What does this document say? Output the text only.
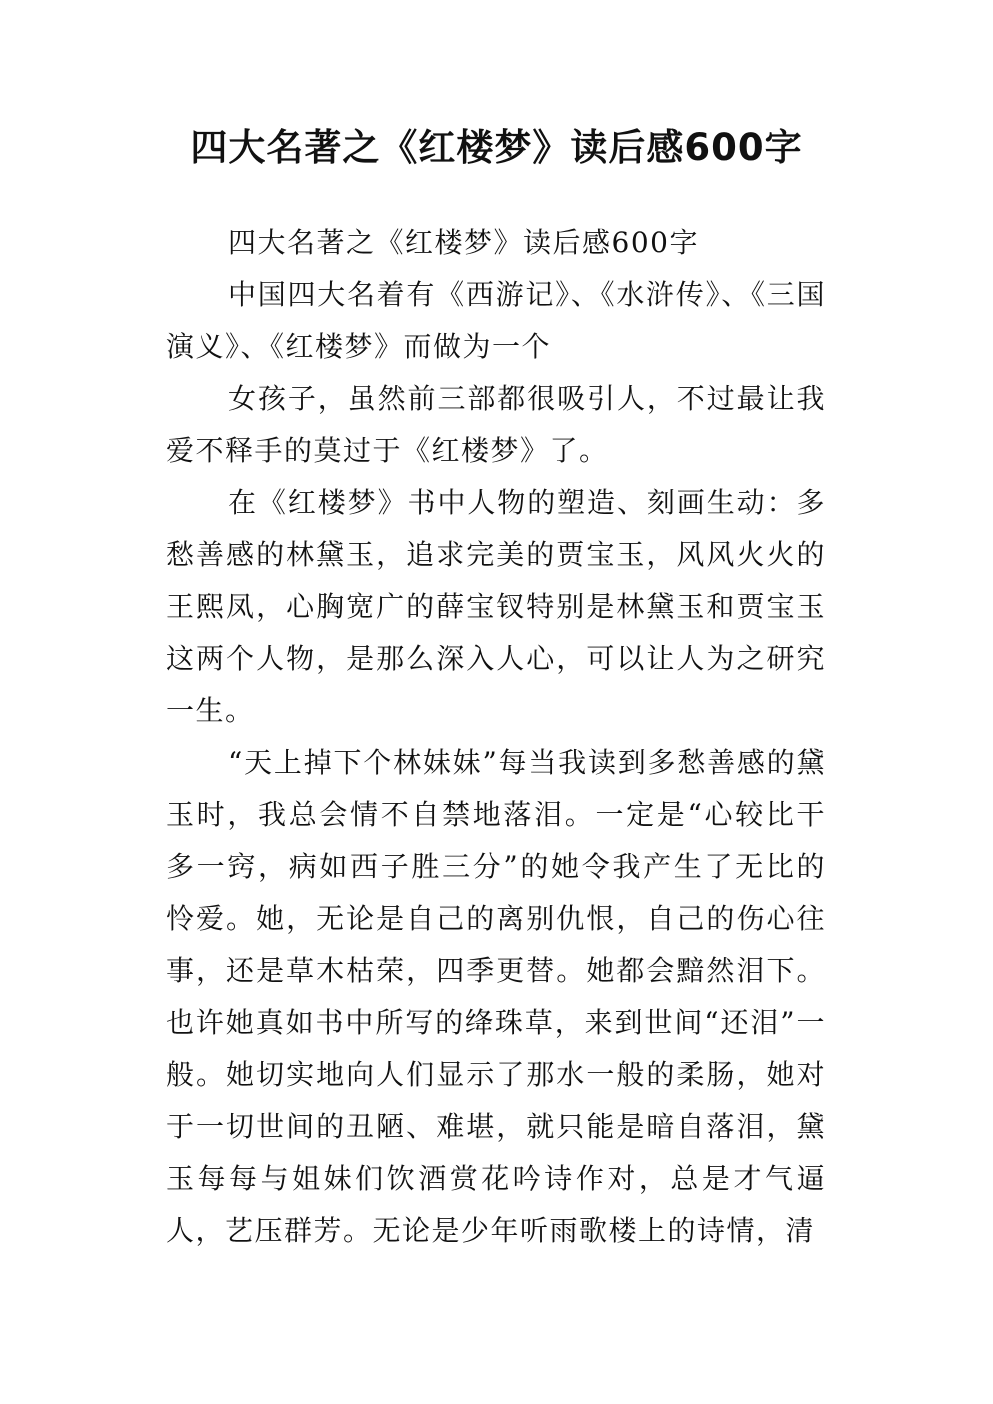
四大名著之《红楼梦》读后感600字

四大名著之《红楼梦》读后感600字

中国四大名着有《西游记》、《水浒传》、《三国演义》、《红楼梦》而做为一个

女孩子，虽然前三部都很吸引人，不过最让我爱不释手的莫过于《红楼梦》了。

在《红楼梦》书中人物的塑造、刻画生动：多愁善感的林黛玉，追求完美的贾宝玉，风风火火的王熙凤，心胸宽广的薛宝钗特别是林黛玉和贾宝玉这两个人物，是那么深入人心，可以让人为之研究一生。

“天上掉下个林妹妹”每当我读到多愁善感的黛玉时，我总会情不自禁地落泪。一定是“心较比干多一窍，病如西子胜三分”的她令我产生了无比的怜爱。她，无论是自己的离别仇恨，自己的伤心往事，还是草木枯荣，四季更替。她都会黯然泪下。也许她真如书中所写的绛珠草，来到世间“还泪”一般。她切实地向人们显示了那水一般的柔肠，她对于一切世间的丑陋、难堪，就只能是暗自落泪，黛玉每每与姐妹们饮酒赏花吟诗作对，总是才气逼人，艺压群芳。无论是少年听雨歌楼上的诗情，清
